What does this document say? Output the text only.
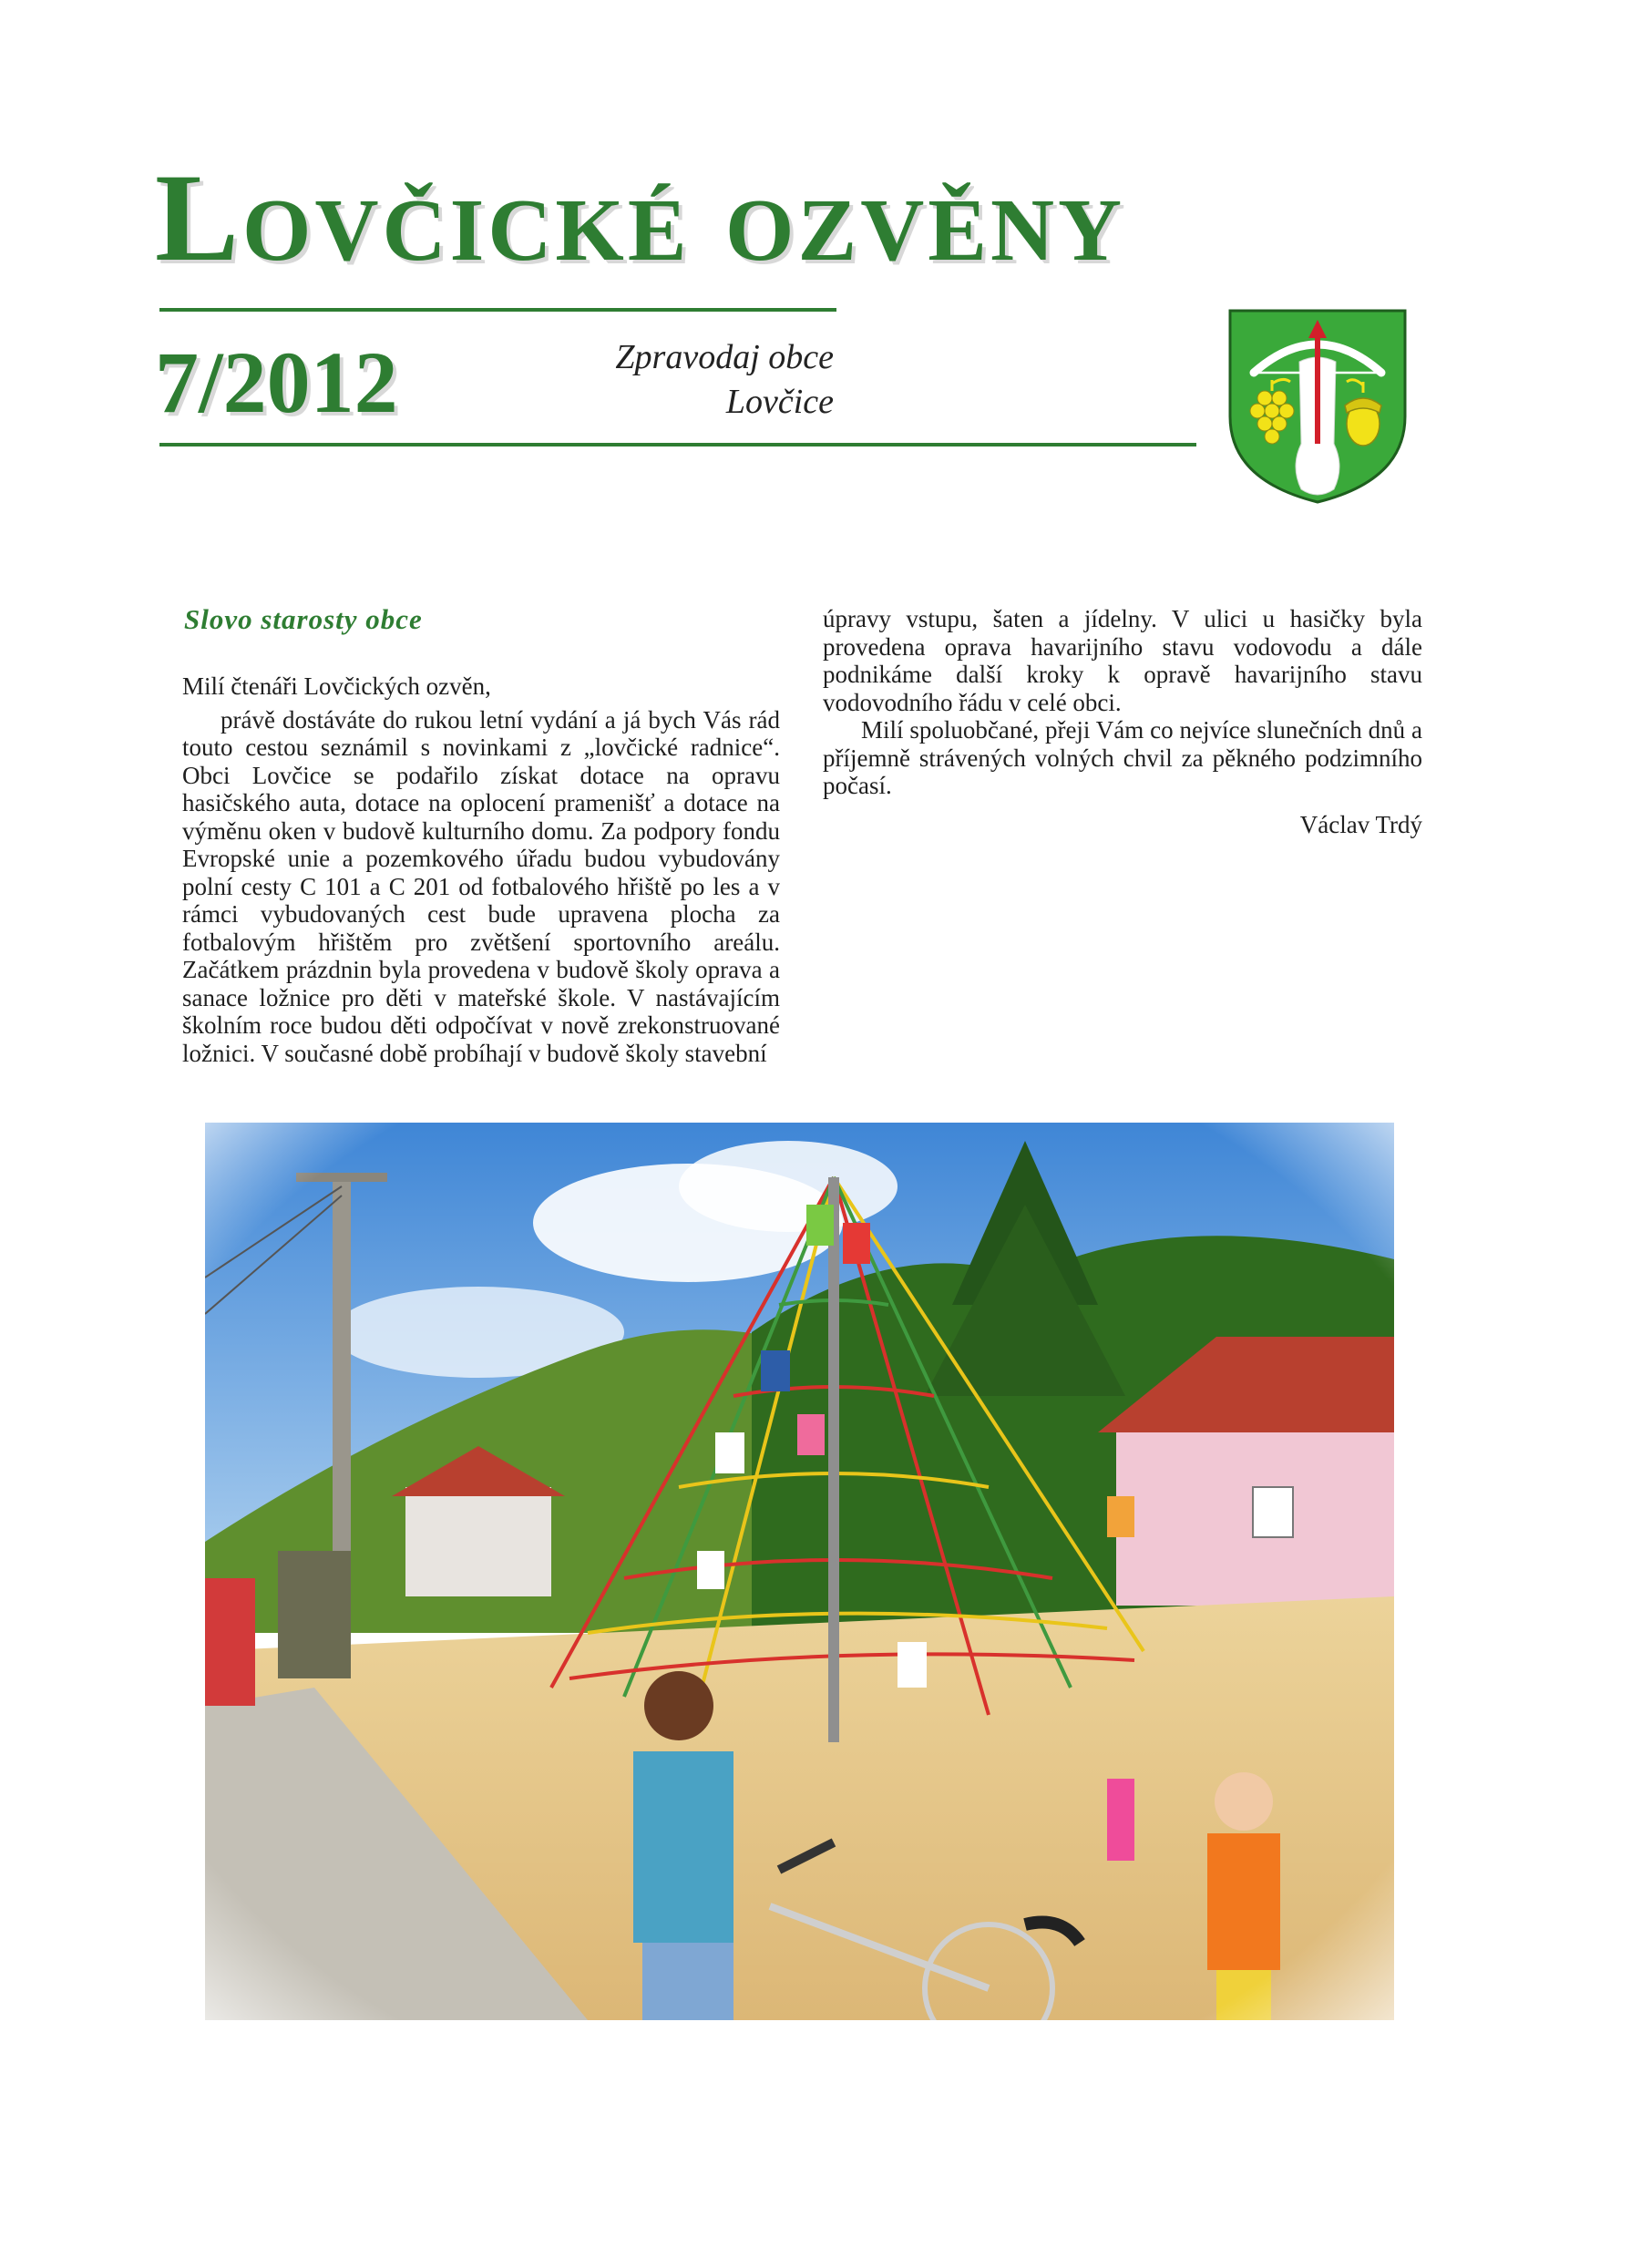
Lovčické ozvěny
7/2012	Zpravodaj obce
Lovčice
Slovo starosty obce

Milí čtenáři Lovčických ozvěn,

právě dostáváte do rukou letní vydání a já bych Vás rád touto cestou seznámil s novinkami z „lovčické radnice“. Obci Lovčice se podařilo získat dotace na opravu hasičského auta, dotace na oplocení pramenišť a dotace na výměnu oken v budově kulturního domu. Za podpory fondu Evropské unie a pozemkového úřadu budou vybudovány polní cesty C 101 a C 201 od fotbalového hřiště po les a v rámci vybudovaných cest bude upravena plocha za fotbalovým hřištěm pro zvětšení sportovního areálu. Začátkem prázdnin byla provedena v budově školy oprava a sanace ložnice pro děti v mateřské škole. V nastávajícím školním roce budou děti odpočívat v nově zrekonstruované ložnici. V současné době probíhají v budově školy stavební

úpravy vstupu, šaten a jídelny. V ulici u hasičky byla provedena oprava havarijního stavu vodovodu a dále podnikáme další kroky k opravě havarijního stavu vodovodního řádu v celé obci.

Milí spoluobčané, přeji Vám co nejvíce slunečních dnů a příjemně strávených volných chvil za pěkného podzimního počasí.

Václav Trdý
